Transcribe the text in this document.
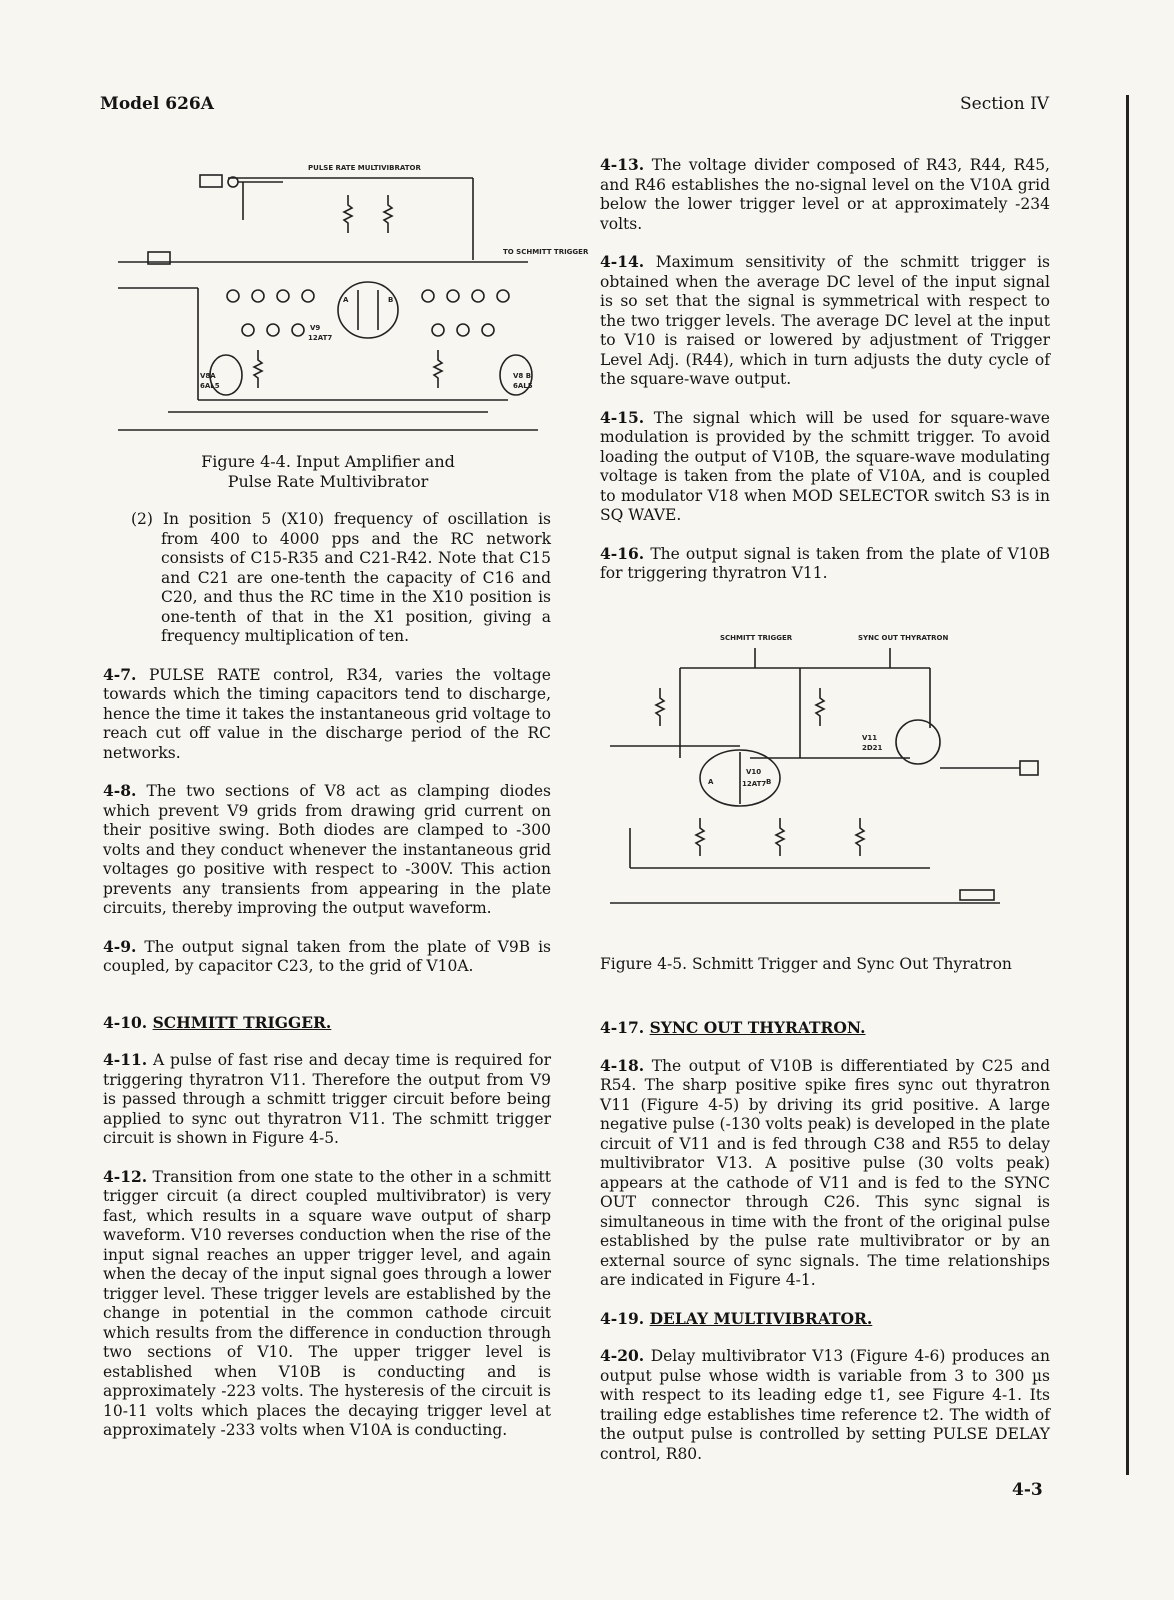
Model 626A	Section IV
PULSE RATE MULTIVIBRATOR
A	B
V9
12AT7
V8A
6AL5
V8 B
6AL5
TO SCHMITT TRIGGER

Figure 4-4. Input Amplifier and

Pulse Rate Multivibrator

(2) In position 5 (X10) frequency of oscillation is from 400 to 4000 pps and the RC network consists of C15-R35 and C21-R42. Note that C15 and C21 are one-tenth the capacity of C16 and C20, and thus the RC time in the X10 position is one-tenth of that in the X1 position, giving a frequency multiplication of ten.

4-7. PULSE RATE control, R34, varies the voltage towards which the timing capacitors tend to discharge, hence the time it takes the instantaneous grid voltage to reach cut off value in the discharge period of the RC networks.

4-8. The two sections of V8 act as clamping diodes which prevent V9 grids from drawing grid current on their positive swing. Both diodes are clamped to -300 volts and they conduct whenever the instantaneous grid voltages go positive with respect to -300V. This action prevents any transients from appearing in the plate circuits, thereby improving the output waveform.

4-9. The output signal taken from the plate of V9B is coupled, by capacitor C23, to the grid of V10A.

4-10. SCHMITT TRIGGER.

4-11. A pulse of fast rise and decay time is required for triggering thyratron V11. Therefore the output from V9 is passed through a schmitt trigger circuit before being applied to sync out thyratron V11. The schmitt trigger circuit is shown in Figure 4-5.

4-12. Transition from one state to the other in a schmitt trigger circuit (a direct coupled multivibrator) is very fast, which results in a square wave output of sharp waveform. V10 reverses conduction when the rise of the input signal reaches an upper trigger level, and again when the decay of the input signal goes through a lower trigger level. These trigger levels are established by the change in potential in the common cathode circuit which results from the difference in conduction through two sections of V10. The upper trigger level is established when V10B is conducting and is approximately -223 volts. The hysteresis of the circuit is 10-11 volts which places the decaying trigger level at approximately -233 volts when V10A is conducting.

4-13. The voltage divider composed of R43, R44, R45, and R46 establishes the no-signal level on the V10A grid below the lower trigger level or at approximately -234 volts.

4-14. Maximum sensitivity of the schmitt trigger is obtained when the average DC level of the input signal is so set that the signal is symmetrical with respect to the two trigger levels. The average DC level at the input to V10 is raised or lowered by adjustment of Trigger Level Adj. (R44), which in turn adjusts the duty cycle of the square-wave output.

4-15. The signal which will be used for square-wave modulation is provided by the schmitt trigger. To avoid loading the output of V10B, the square-wave modulating voltage is taken from the plate of V10A, and is coupled to modulator V18 when MOD SELECTOR switch S3 is in SQ WAVE.

4-16. The output signal is taken from the plate of V10B for triggering thyratron V11.

SCHMITT TRIGGER	SYNC OUT THYRATRON
A	B
V10
12AT7
V11
2D21

Figure 4-5. Schmitt Trigger and Sync Out Thyratron

4-17. SYNC OUT THYRATRON.

4-18. The output of V10B is differentiated by C25 and R54. The sharp positive spike fires sync out thyratron V11 (Figure 4-5) by driving its grid positive. A large negative pulse (-130 volts peak) is developed in the plate circuit of V11 and is fed through C38 and R55 to delay multivibrator V13. A positive pulse (30 volts peak) appears at the cathode of V11 and is fed to the SYNC OUT connector through C26. This sync signal is simultaneous in time with the front of the original pulse established by the pulse rate multivibrator or by an external source of sync signals. The time relationships are indicated in Figure 4-1.

4-19. DELAY MULTIVIBRATOR.

4-20. Delay multivibrator V13 (Figure 4-6) produces an output pulse whose width is variable from 3 to 300 µs with respect to its leading edge t1, see Figure 4-1. Its trailing edge establishes time reference t2. The width of the output pulse is controlled by setting PULSE DELAY control, R80.

4-3
